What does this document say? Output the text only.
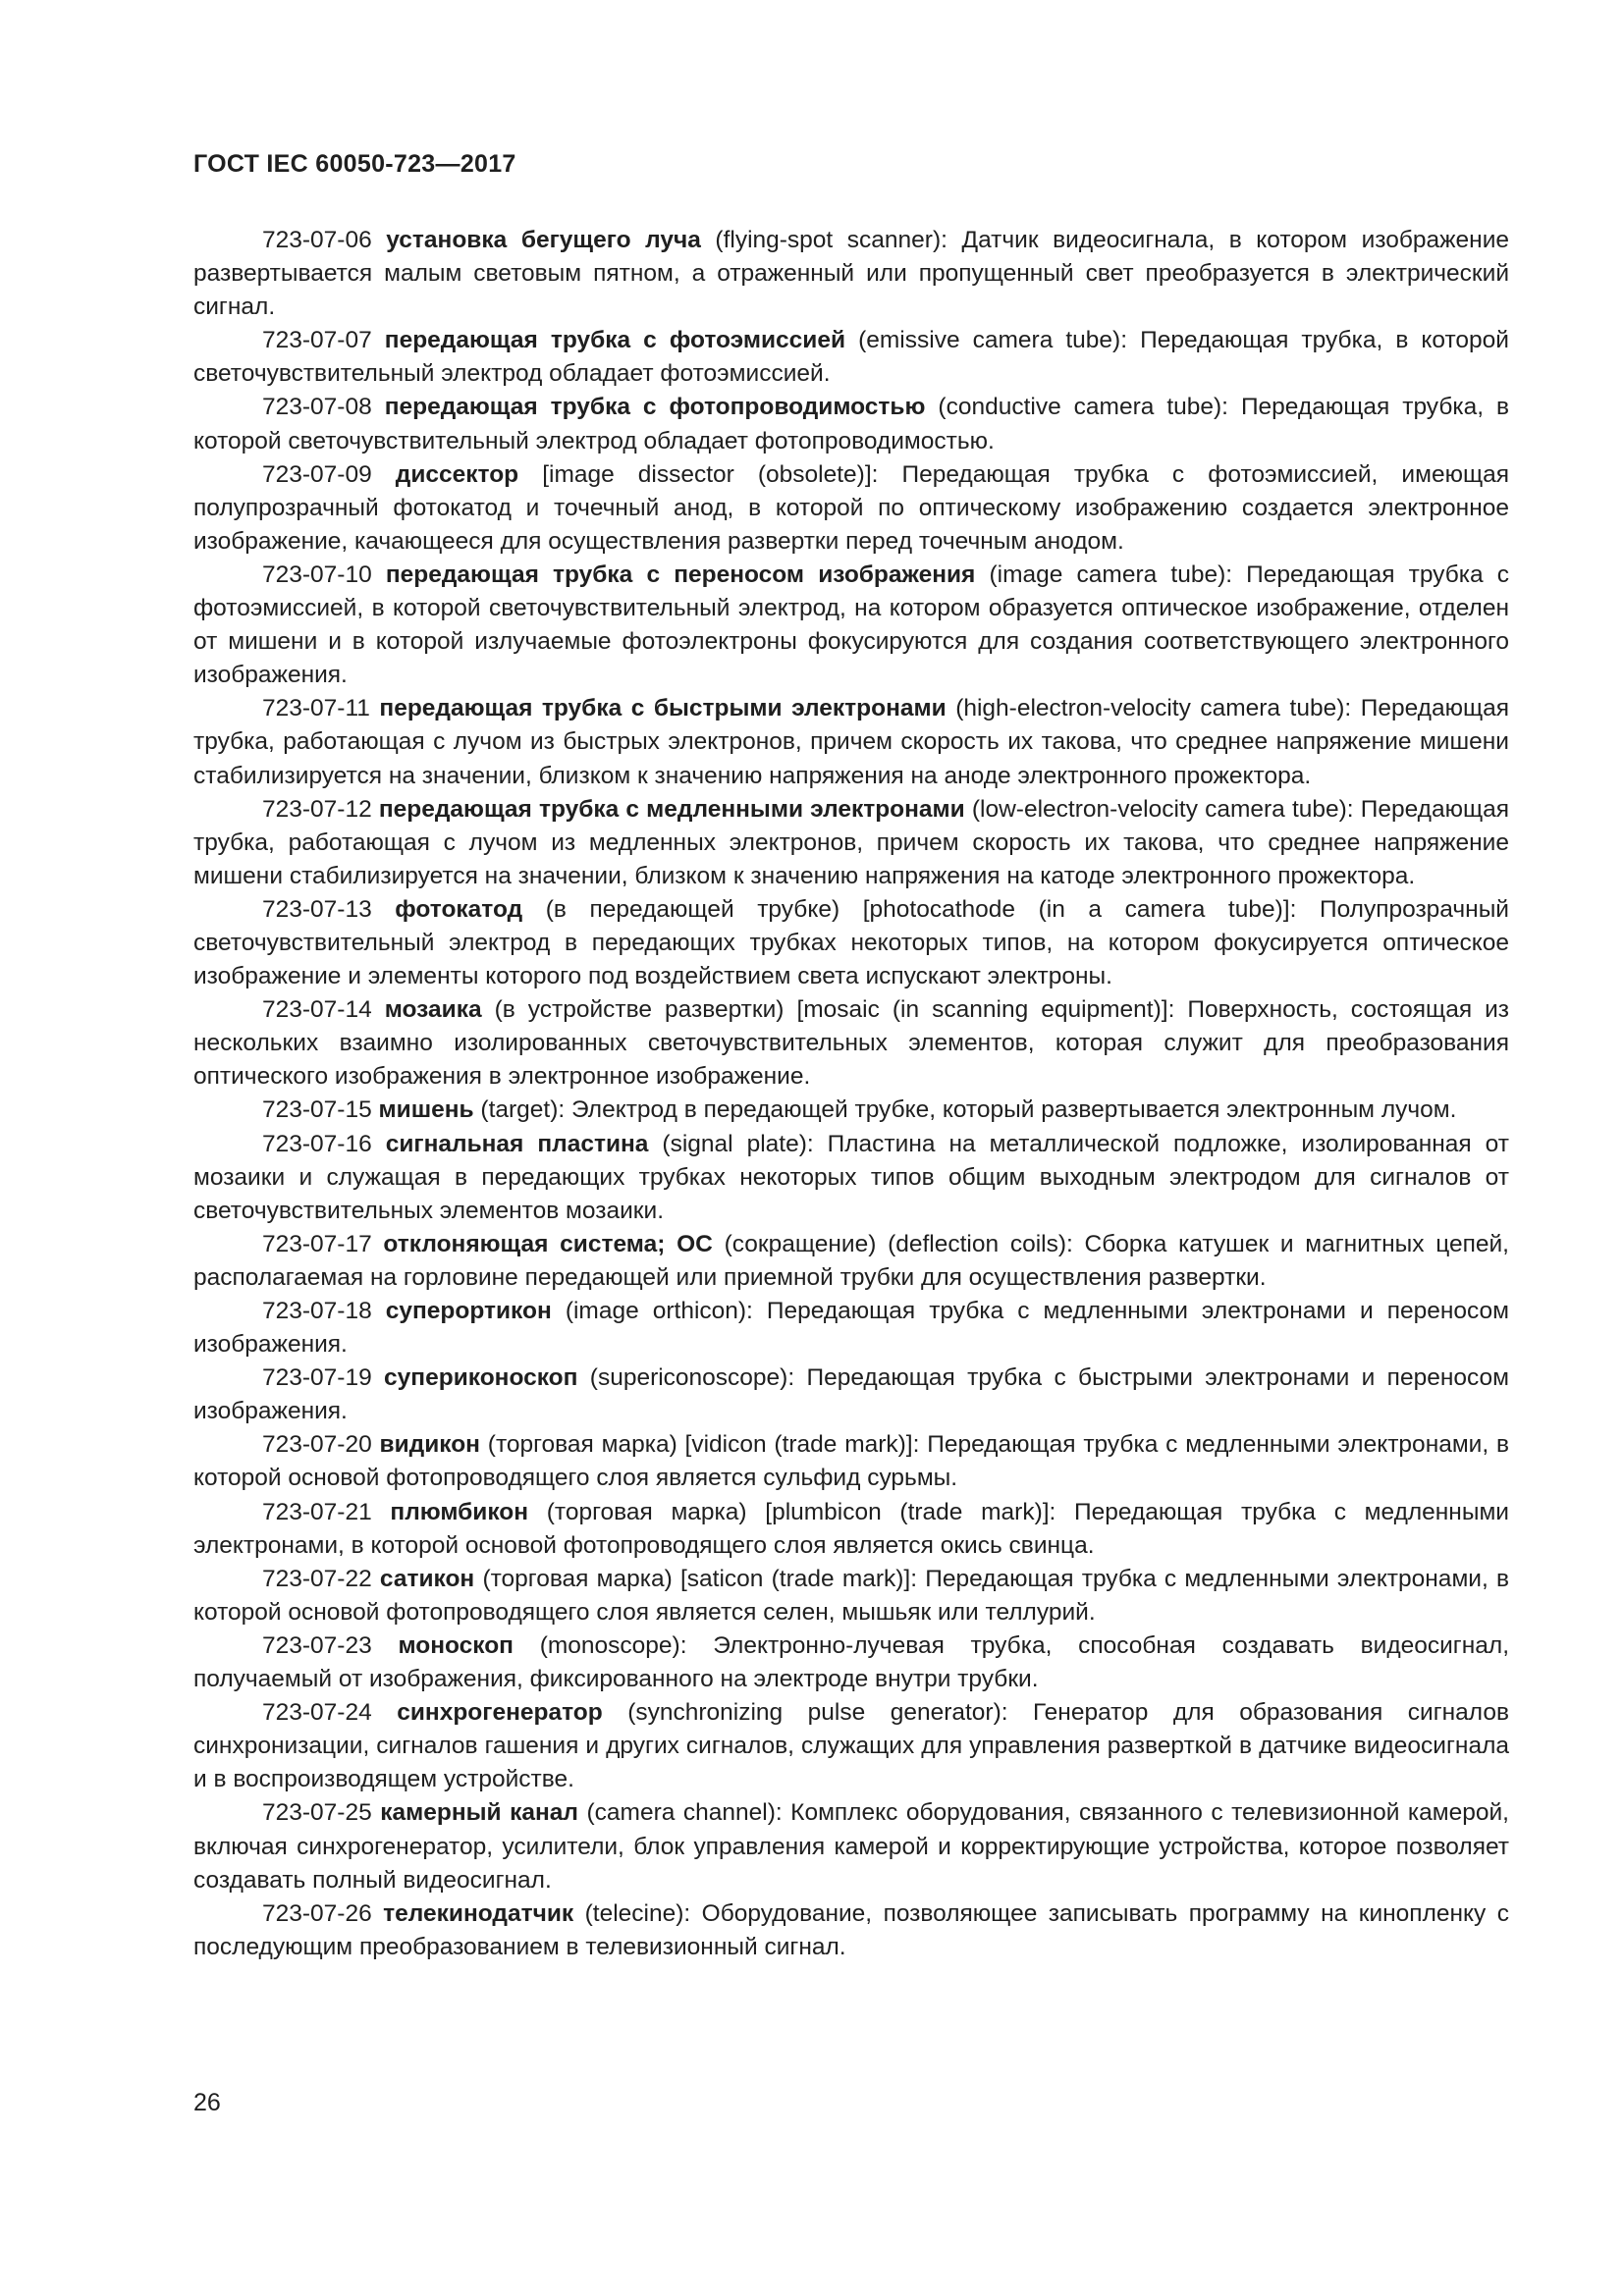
ГОСТ IEC 60050-723—2017

723-07-06 установка бегущего луча (flying-spot scanner): Датчик видеосигнала, в котором изображение развертывается малым световым пятном, а отраженный или пропущенный свет преобразуется в электрический сигнал.

723-07-07 передающая трубка с фотоэмиссией (emissive camera tube): Передающая трубка, в которой светочувствительный электрод обладает фотоэмиссией.

723-07-08 передающая трубка с фотопроводимостью (conductive camera tube): Передающая трубка, в которой светочувствительный электрод обладает фотопроводимостью.

723-07-09 диссектор [image dissector (obsolete)]: Передающая трубка с фотоэмиссией, имеющая полупрозрачный фотокатод и точечный анод, в которой по оптическому изображению создается электронное изображение, качающееся для осуществления развертки перед точечным анодом.

723-07-10 передающая трубка с переносом изображения (image camera tube): Передающая трубка с фотоэмиссией, в которой светочувствительный электрод, на котором образуется оптическое изображение, отделен от мишени и в которой излучаемые фотоэлектроны фокусируются для создания соответствующего электронного изображения.

723-07-11 передающая трубка с быстрыми электронами (high-electron-velocity camera tube): Передающая трубка, работающая с лучом из быстрых электронов, причем скорость их такова, что среднее напряжение мишени стабилизируется на значении, близком к значению напряжения на аноде электронного прожектора.

723-07-12 передающая трубка с медленными электронами (low-electron-velocity camera tube): Передающая трубка, работающая с лучом из медленных электронов, причем скорость их такова, что среднее напряжение мишени стабилизируется на значении, близком к значению напряжения на катоде электронного прожектора.

723-07-13 фотокатод (в передающей трубке) [photocathode (in a camera tube)]: Полупрозрачный светочувствительный электрод в передающих трубках некоторых типов, на котором фокусируется оптическое изображение и элементы которого под воздействием света испускают электроны.

723-07-14 мозаика (в устройстве развертки) [mosaic (in scanning equipment)]: Поверхность, состоящая из нескольких взаимно изолированных светочувствительных элементов, которая служит для преобразования оптического изображения в электронное изображение.

723-07-15 мишень (target): Электрод в передающей трубке, который развертывается электронным лучом.

723-07-16 сигнальная пластина (signal plate): Пластина на металлической подложке, изолированная от мозаики и служащая в передающих трубках некоторых типов общим выходным электродом для сигналов от светочувствительных элементов мозаики.

723-07-17 отклоняющая система; ОС (сокращение) (deflection coils): Сборка катушек и магнитных цепей, располагаемая на горловине передающей или приемной трубки для осуществления развертки.

723-07-18 суперортикон (image orthicon): Передающая трубка с медленными электронами и переносом изображения.

723-07-19 супериконоскоп (supericonoscope): Передающая трубка с быстрыми электронами и переносом изображения.

723-07-20 видикон (торговая марка) [vidicon (trade mark)]: Передающая трубка с медленными электронами, в которой основой фотопроводящего слоя является сульфид сурьмы.

723-07-21 плюмбикон (торговая марка) [plumbicon (trade mark)]: Передающая трубка с медленными электронами, в которой основой фотопроводящего слоя является окись свинца.

723-07-22 сатикон (торговая марка) [saticon (trade mark)]: Передающая трубка с медленными электронами, в которой основой фотопроводящего слоя является селен, мышьяк или теллурий.

723-07-23 моноскоп (monoscope): Электронно-лучевая трубка, способная создавать видеосигнал, получаемый от изображения, фиксированного на электроде внутри трубки.

723-07-24 синхрогенератор (synchronizing pulse generator): Генератор для образования сигналов синхронизации, сигналов гашения и других сигналов, служащих для управления разверткой в датчике видеосигнала и в воспроизводящем устройстве.

723-07-25 камерный канал (camera channel): Комплекс оборудования, связанного с телевизионной камерой, включая синхрогенератор, усилители, блок управления камерой и корректирующие устройства, которое позволяет создавать полный видеосигнал.

723-07-26 телекинодатчик (telecine): Оборудование, позволяющее записывать программу на кинопленку с последующим преобразованием в телевизионный сигнал.

26
